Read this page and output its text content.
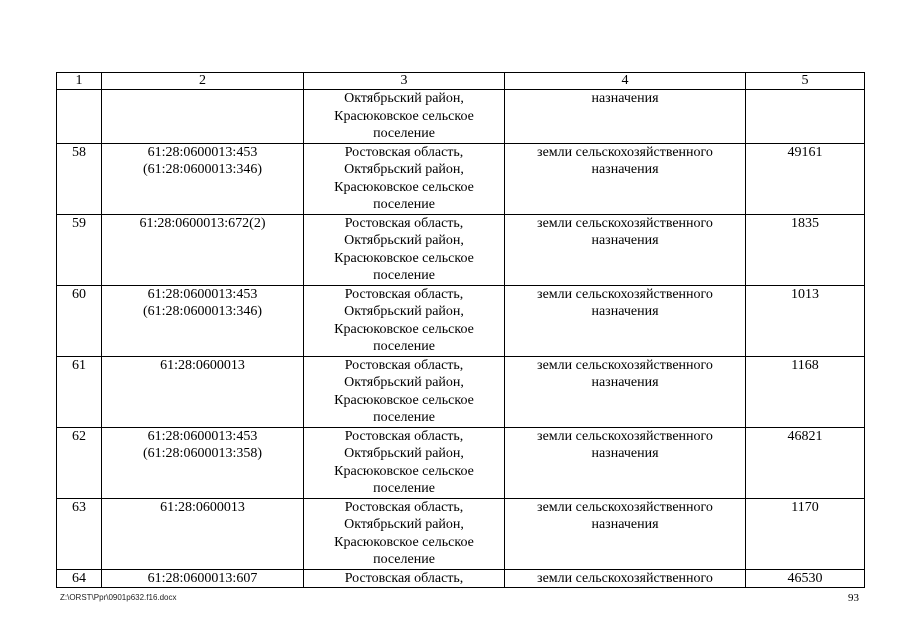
1	2	3	4	5
		Октябрьский район,
Красюковское сельское
поселение	назначения	
58	61:28:0600013:453
(61:28:0600013:346)	Ростовская область,
Октябрьский район,
Красюковское сельское
поселение	земли сельскохозяйственного
назначения	49161
59	61:28:0600013:672(2)	Ростовская область,
Октябрьский район,
Красюковское сельское
поселение	земли сельскохозяйственного
назначения	1835
60	61:28:0600013:453
(61:28:0600013:346)	Ростовская область,
Октябрьский район,
Красюковское сельское
поселение	земли сельскохозяйственного
назначения	1013
61	61:28:0600013	Ростовская область,
Октябрьский район,
Красюковское сельское
поселение	земли сельскохозяйственного
назначения	1168
62	61:28:0600013:453
(61:28:0600013:358)	Ростовская область,
Октябрьский район,
Красюковское сельское
поселение	земли сельскохозяйственного
назначения	46821
63	61:28:0600013	Ростовская область,
Октябрьский район,
Красюковское сельское
поселение	земли сельскохозяйственного
назначения	1170
64	61:28:0600013:607	Ростовская область,	земли сельскохозяйственного	46530
Z:\ORST\Ppr\0901p632.f16.docx	93
